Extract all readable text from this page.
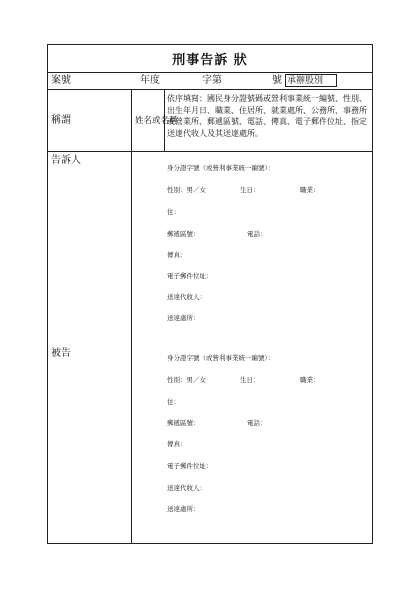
刑事告訴 狀
案號	年度	字第	號 承辦股別
稱謂	姓名或名稱
依序填寫：國民身分證號碼或營利事業統一編號、性別、出生年月日、職業、住居所、就業處所、公務所、事務所或營業所、郵遞區號、電話、傳真、電子郵件位址、指定送達代收人及其送達處所。
告訴人
身分證字號（或營利事業統一編號）：
性別：男／女	生日：	職業：
住：
郵遞區號：	電話：
傳真：
電子郵件位址：
送達代收人：
送達處所：
被告	身分證字號（或營利事業統一編號）：
性別：男／女	生日：	職業：
住：
郵遞區號：	電話：
傳真：
電子郵件位址：
送達代收人：
送達處所：
